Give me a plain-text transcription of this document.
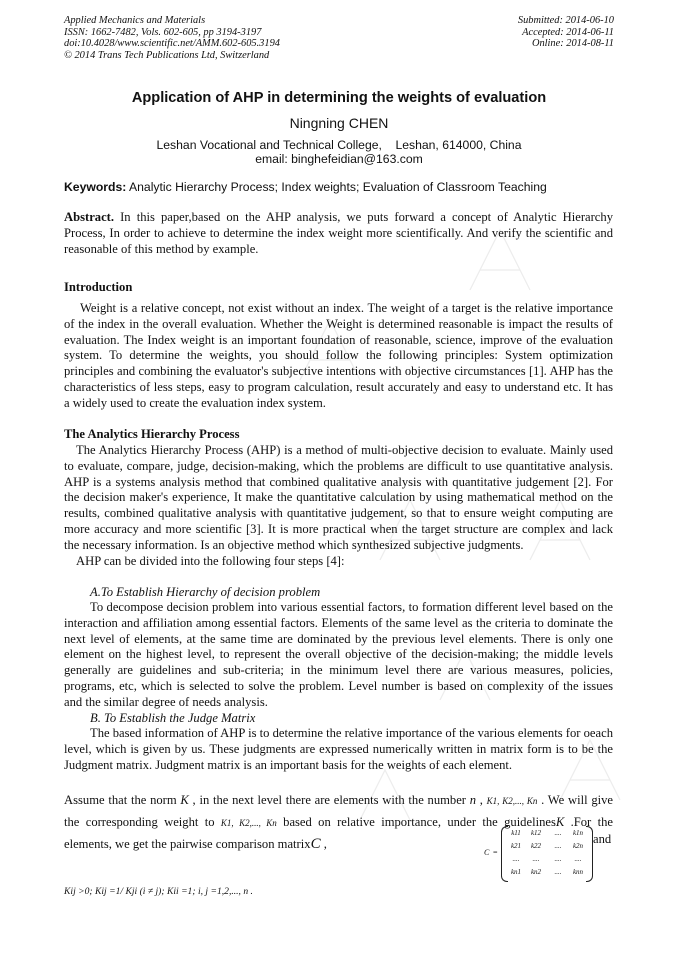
Applied Mechanics and Materials
ISSN: 1662-7482, Vols. 602-605, pp 3194-3197
doi:10.4028/www.scientific.net/AMM.602-605.3194
© 2014 Trans Tech Publications Ltd, Switzerland
Submitted: 2014-06-10
Accepted: 2014-06-11
Online: 2014-08-11
Application of AHP in determining the weights of evaluation
Ningning CHEN
Leshan Vocational and Technical College,    Leshan, 614000, China
email: binghefeidian@163.com
Keywords: Analytic Hierarchy Process; Index weights; Evaluation of Classroom Teaching
Abstract. In this paper,based on the AHP analysis, we puts forward a concept of Analytic Hierarchy Process, In order to achieve to determine the index weight more scientifically. And verify the scientific and reasonable of this method by example.
Introduction

Weight is a relative concept, not exist without an index. The weight of a target is the relative importance of the index in the overall evaluation. Whether the Weight is determined reasonable is impact the results of evaluation. The Index weight is an important foundation of reasonable, science, improve of the evaluation system. To determine the weights, you should follow the following principles: System optimization principles and combining the evaluator's subjective intentions with objective circumstances [1]. AHP has the characteristics of less steps, easy to program calculation, result accurately and easy to understand etc. It has a widely used to create the evaluation index system.

The Analytics Hierarchy Process

The Analytics Hierarchy Process (AHP) is a method of multi-objective decision to evaluate. Mainly used to evaluate, compare, judge, decision-making, which the problems are difficult to use quantitative analysis. AHP is a systems analysis method that combined qualitative analysis with quantitative judgement [2]. For the decision maker's experience, It make the quantitative calculation by using mathematical method on the results, combined qualitative analysis with quantitative judgement, so that to ensure weight computing are more accuracy and more scientific [3]. It is more practical when the target structure are complex and lack the necessary information. Is an objective method which synthesized subjective judgments.

AHP can be divided into the following four steps [4]:

A.To Establish Hierarchy of decision problem

To decompose decision problem into various essential factors, to formation different level based on the interaction and affiliation among essential factors. Elements of the same level as the criteria to dominate the next level of elements, at the same time are dominated by the previous level elements. There is only one element on the highest level, to represent the overall objective of the decision-making; the middle levels generally are guidelines and sub-criteria; in the minimum level there are various measures, policies, programs, etc, which is selected to solve the problem. Level number is based on complexity of the issues and the similar degree of needs analysis.

B. To Establish the Judge Matrix

The based information of AHP is to determine the relative importance of the various elements for oeach level, which is given by us. These judgments are expressed numerically written in matrix form is to be the Judgment matrix. Judgment matrix is an important basis for the weights of each element.

Assume that the norm K , in the next level there are elements with the number n , K1, K2,..., Kn . We will give the corresponding weight to K1, K2,..., Kn based on relative importance, under the guidelinesK .For the elements, we get the pairwise comparison matrixC ,
C =
k11	k12	....	k1n
k21	k22	....	k2n
....	....	....	....
kn1	kn2	....	knn
and
Kij >0; Kij =1/ Kji (i ≠ j); Kii =1; i, j =1,2,..., n .
